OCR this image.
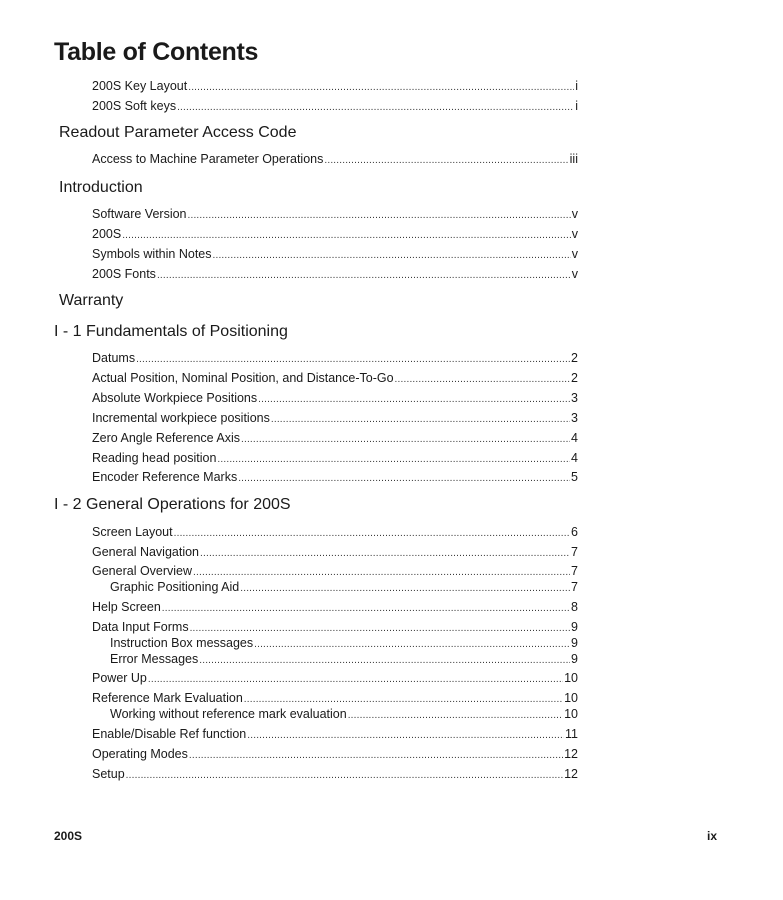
Table of Contents
200S Key Layout .....	i
200S Soft keys .....	i
Readout Parameter Access Code
Access to Machine Parameter Operations .....	iii
Introduction
Software Version .....	v
200S .....	v
Symbols within Notes .....	v
200S Fonts .....	v
Warranty
I - 1 Fundamentals of Positioning
Datums .....	2
Actual Position, Nominal Position, and Distance-To-Go .....	2
Absolute Workpiece Positions .....	3
Incremental workpiece positions .....	3
Zero Angle Reference Axis .....	4
Reading head position .....	4
Encoder Reference Marks .....	5
I - 2 General Operations for 200S
Screen Layout .....	6
General Navigation .....	7
General Overview .....	7
Graphic Positioning Aid .....	7
Help Screen .....	8
Data Input Forms .....	9
Instruction Box messages .....	9
Error Messages .....	9
Power Up .....	10
Reference Mark Evaluation .....	10
Working without reference mark evaluation .....	10
Enable/Disable Ref function .....	11
Operating Modes .....	12
Setup .....	12
200S	ix
